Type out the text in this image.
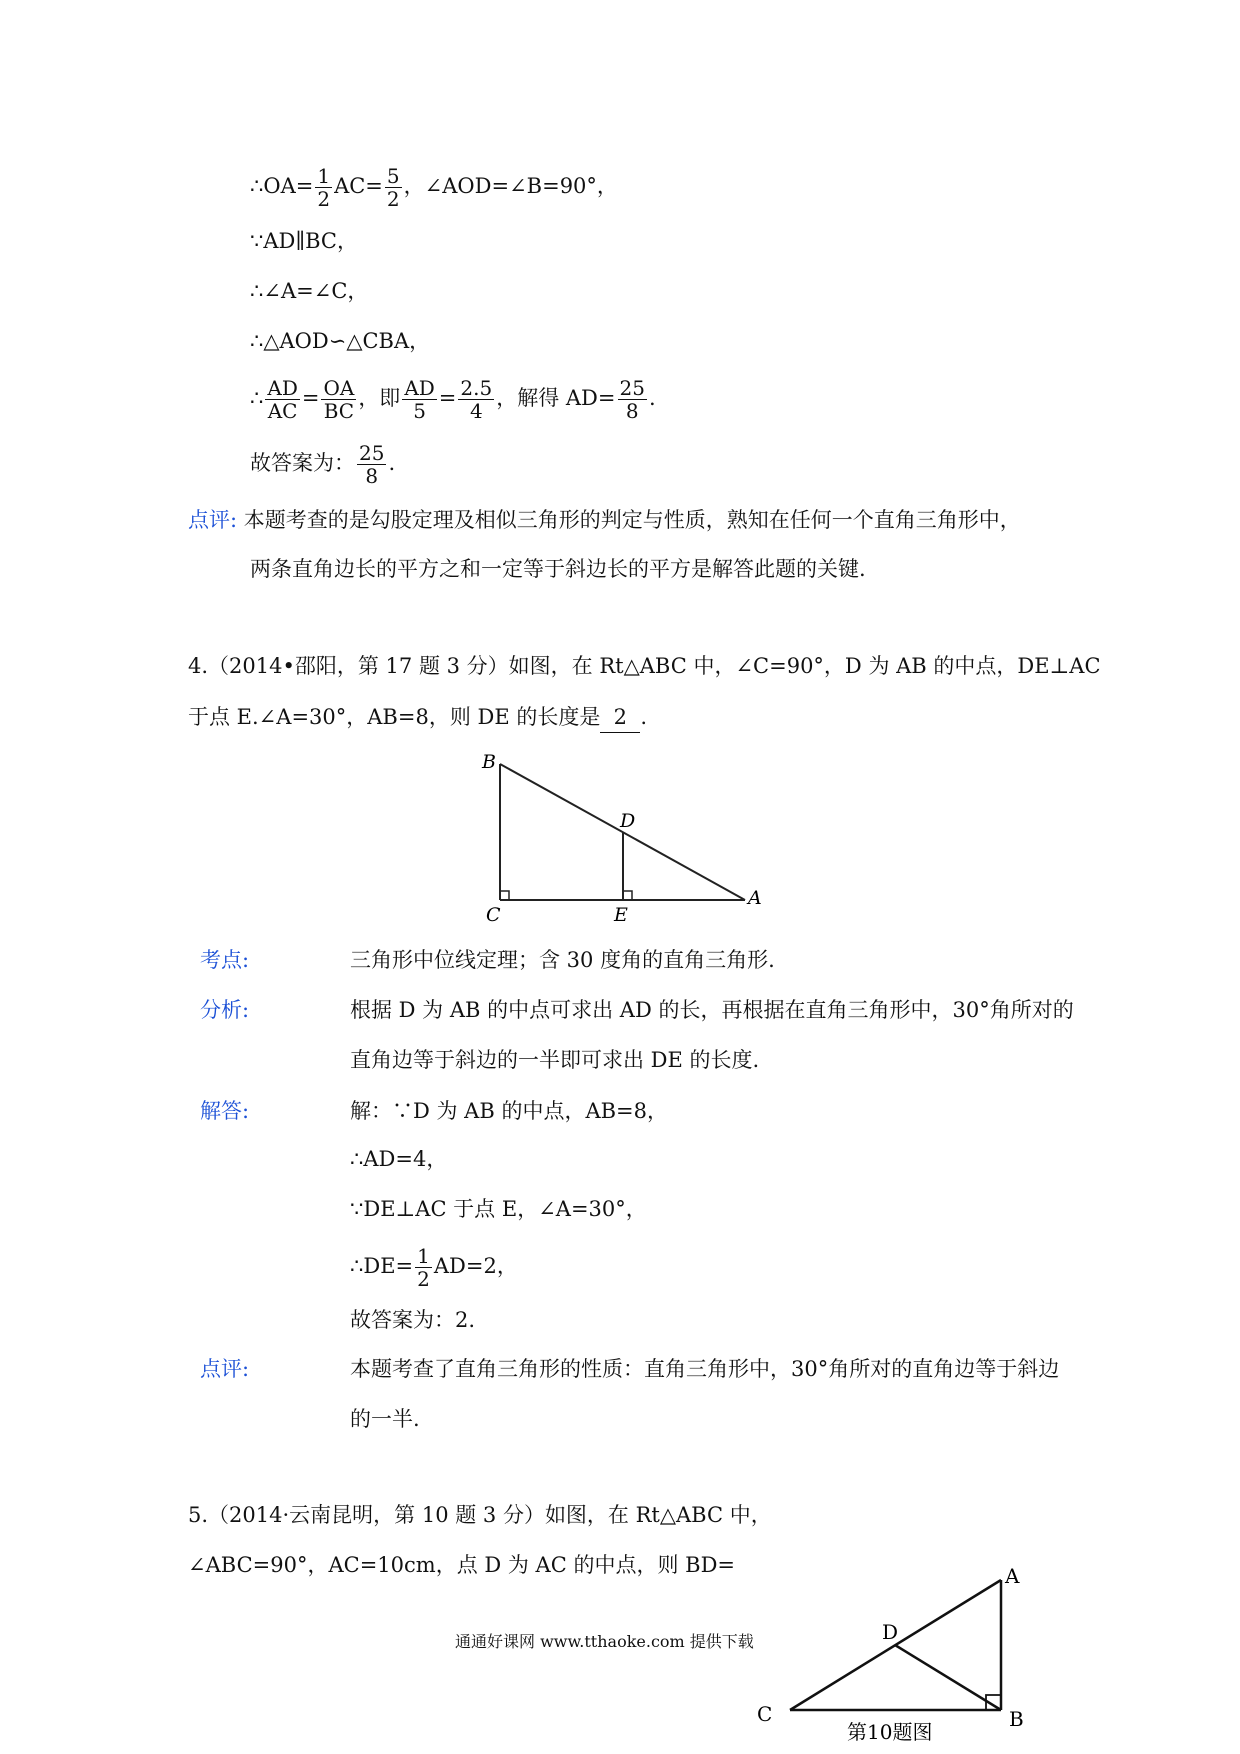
∴OA= $\frac{1}{2} AC= \frac{5}{2}$ ，∠AOD=∠B=90°，
∵AD∥BC，
∴∠A=∠C，
∴△AOD∽△CBA，
∴ $\frac{AD}{AC} = \frac{OA}{BC}$ ，即 $\frac{AD}{5} = \frac{2.5}{4}$ ，解得 $AD= \frac{25}{8}$ .
故答案为： $\frac{25}{8}$ .
点评: 本题考查的是勾股定理及相似三角形的判定与性质，熟知在任何一个直角三角形中，
两条直角边长的平方之和一定等于斜边长的平方是解答此题的关键.
4.（2014•邵阳，第 17 题 3 分）如图，在 Rt△ABC 中，∠C=90°，D 为 AB 的中点，DE⊥AC
于点 E.∠A=30°，AB=8，则 DE 的长度是 2 .
B
D
C	E
A
考点:	三角形中位线定理；含 30 度角的直角三角形.
分析:	根据 D 为 AB 的中点可求出 AD 的长，再根据在直角三角形中，30°角所对的
直角边等于斜边的一半即可求出 DE 的长度.
解答:	解：∵D 为 AB 的中点，AB=8，
∴AD=4，
∵DE⊥AC 于点 E，∠A=30°，
∴DE= $\frac{1}{2} AD=2$，
故答案为：2.
点评:	本题考查了直角三角形的性质：直角三角形中，30°角所对的直角边等于斜边
的一半.
5.（2014·云南昆明，第 10 题 3 分）如图，在 Rt△ABC 中，
∠ABC=90°，AC=10cm，点 D 为 AC 的中点，则 BD=	A
D
C	B
第10题图
通通好课网 www.tthaoke.com 提供下载
